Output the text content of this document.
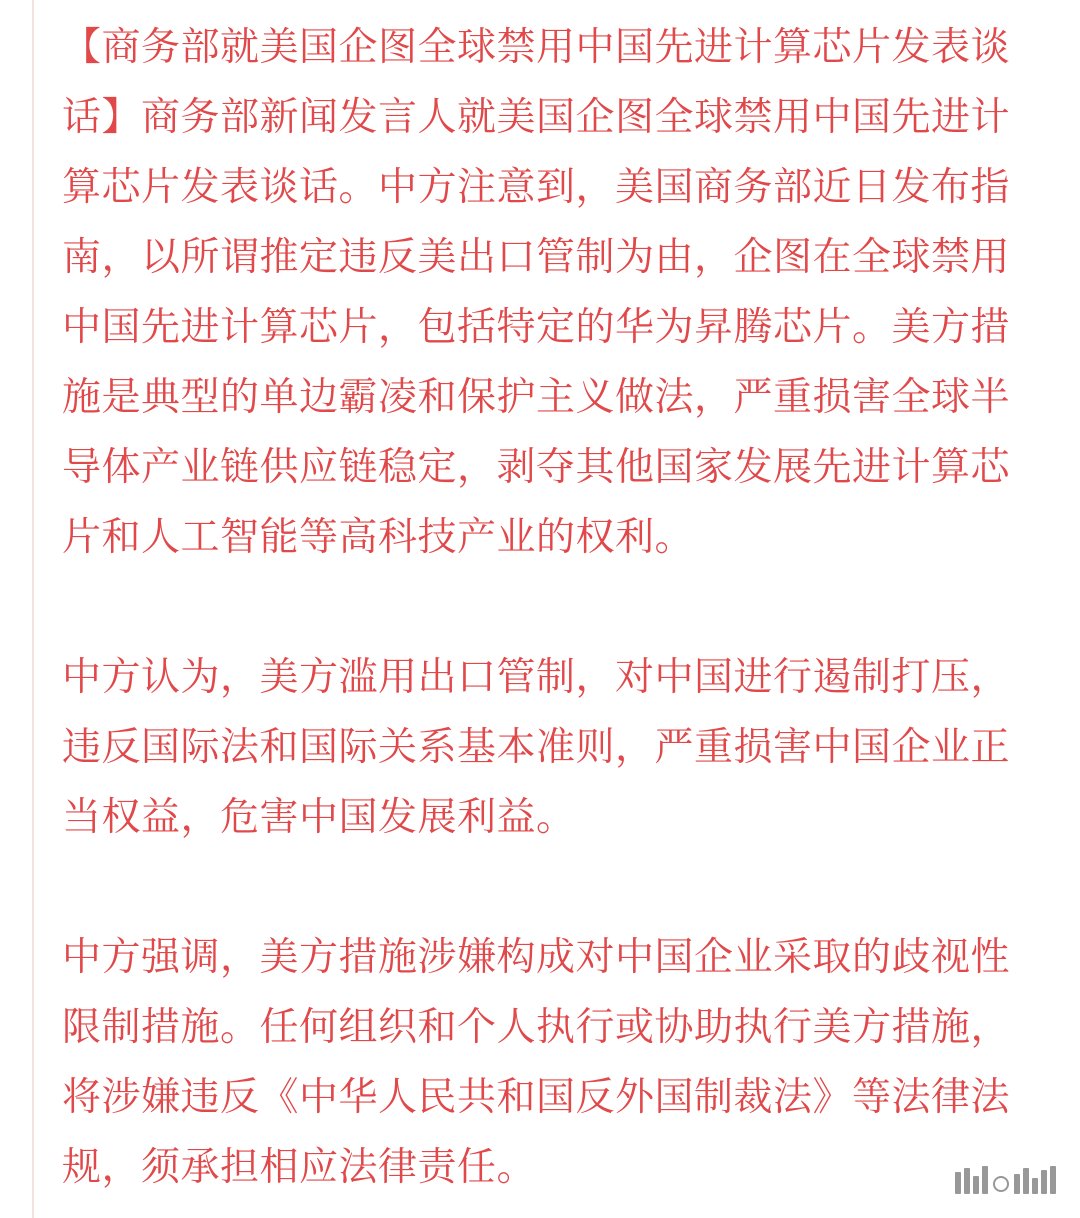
【商务部就美国企图全球禁用中国先进计算芯片发表谈话】商务部新闻发言人就美国企图全球禁用中国先进计算芯片发表谈话。中方注意到，美国商务部近日发布指南，以所谓推定违反美出口管制为由，企图在全球禁用中国先进计算芯片，包括特定的华为昇腾芯片。美方措施是典型的单边霸凌和保护主义做法，严重损害全球半导体产业链供应链稳定，剥夺其他国家发展先进计算芯片和人工智能等高科技产业的权利。

中方认为，美方滥用出口管制，对中国进行遏制打压，违反国际法和国际关系基本准则，严重损害中国企业正当权益，危害中国发展利益。

中方强调，美方措施涉嫌构成对中国企业采取的歧视性限制措施。任何组织和个人执行或协助执行美方措施，将涉嫌违反《中华人民共和国反外国制裁法》等法律法规，须承担相应法律责任。
